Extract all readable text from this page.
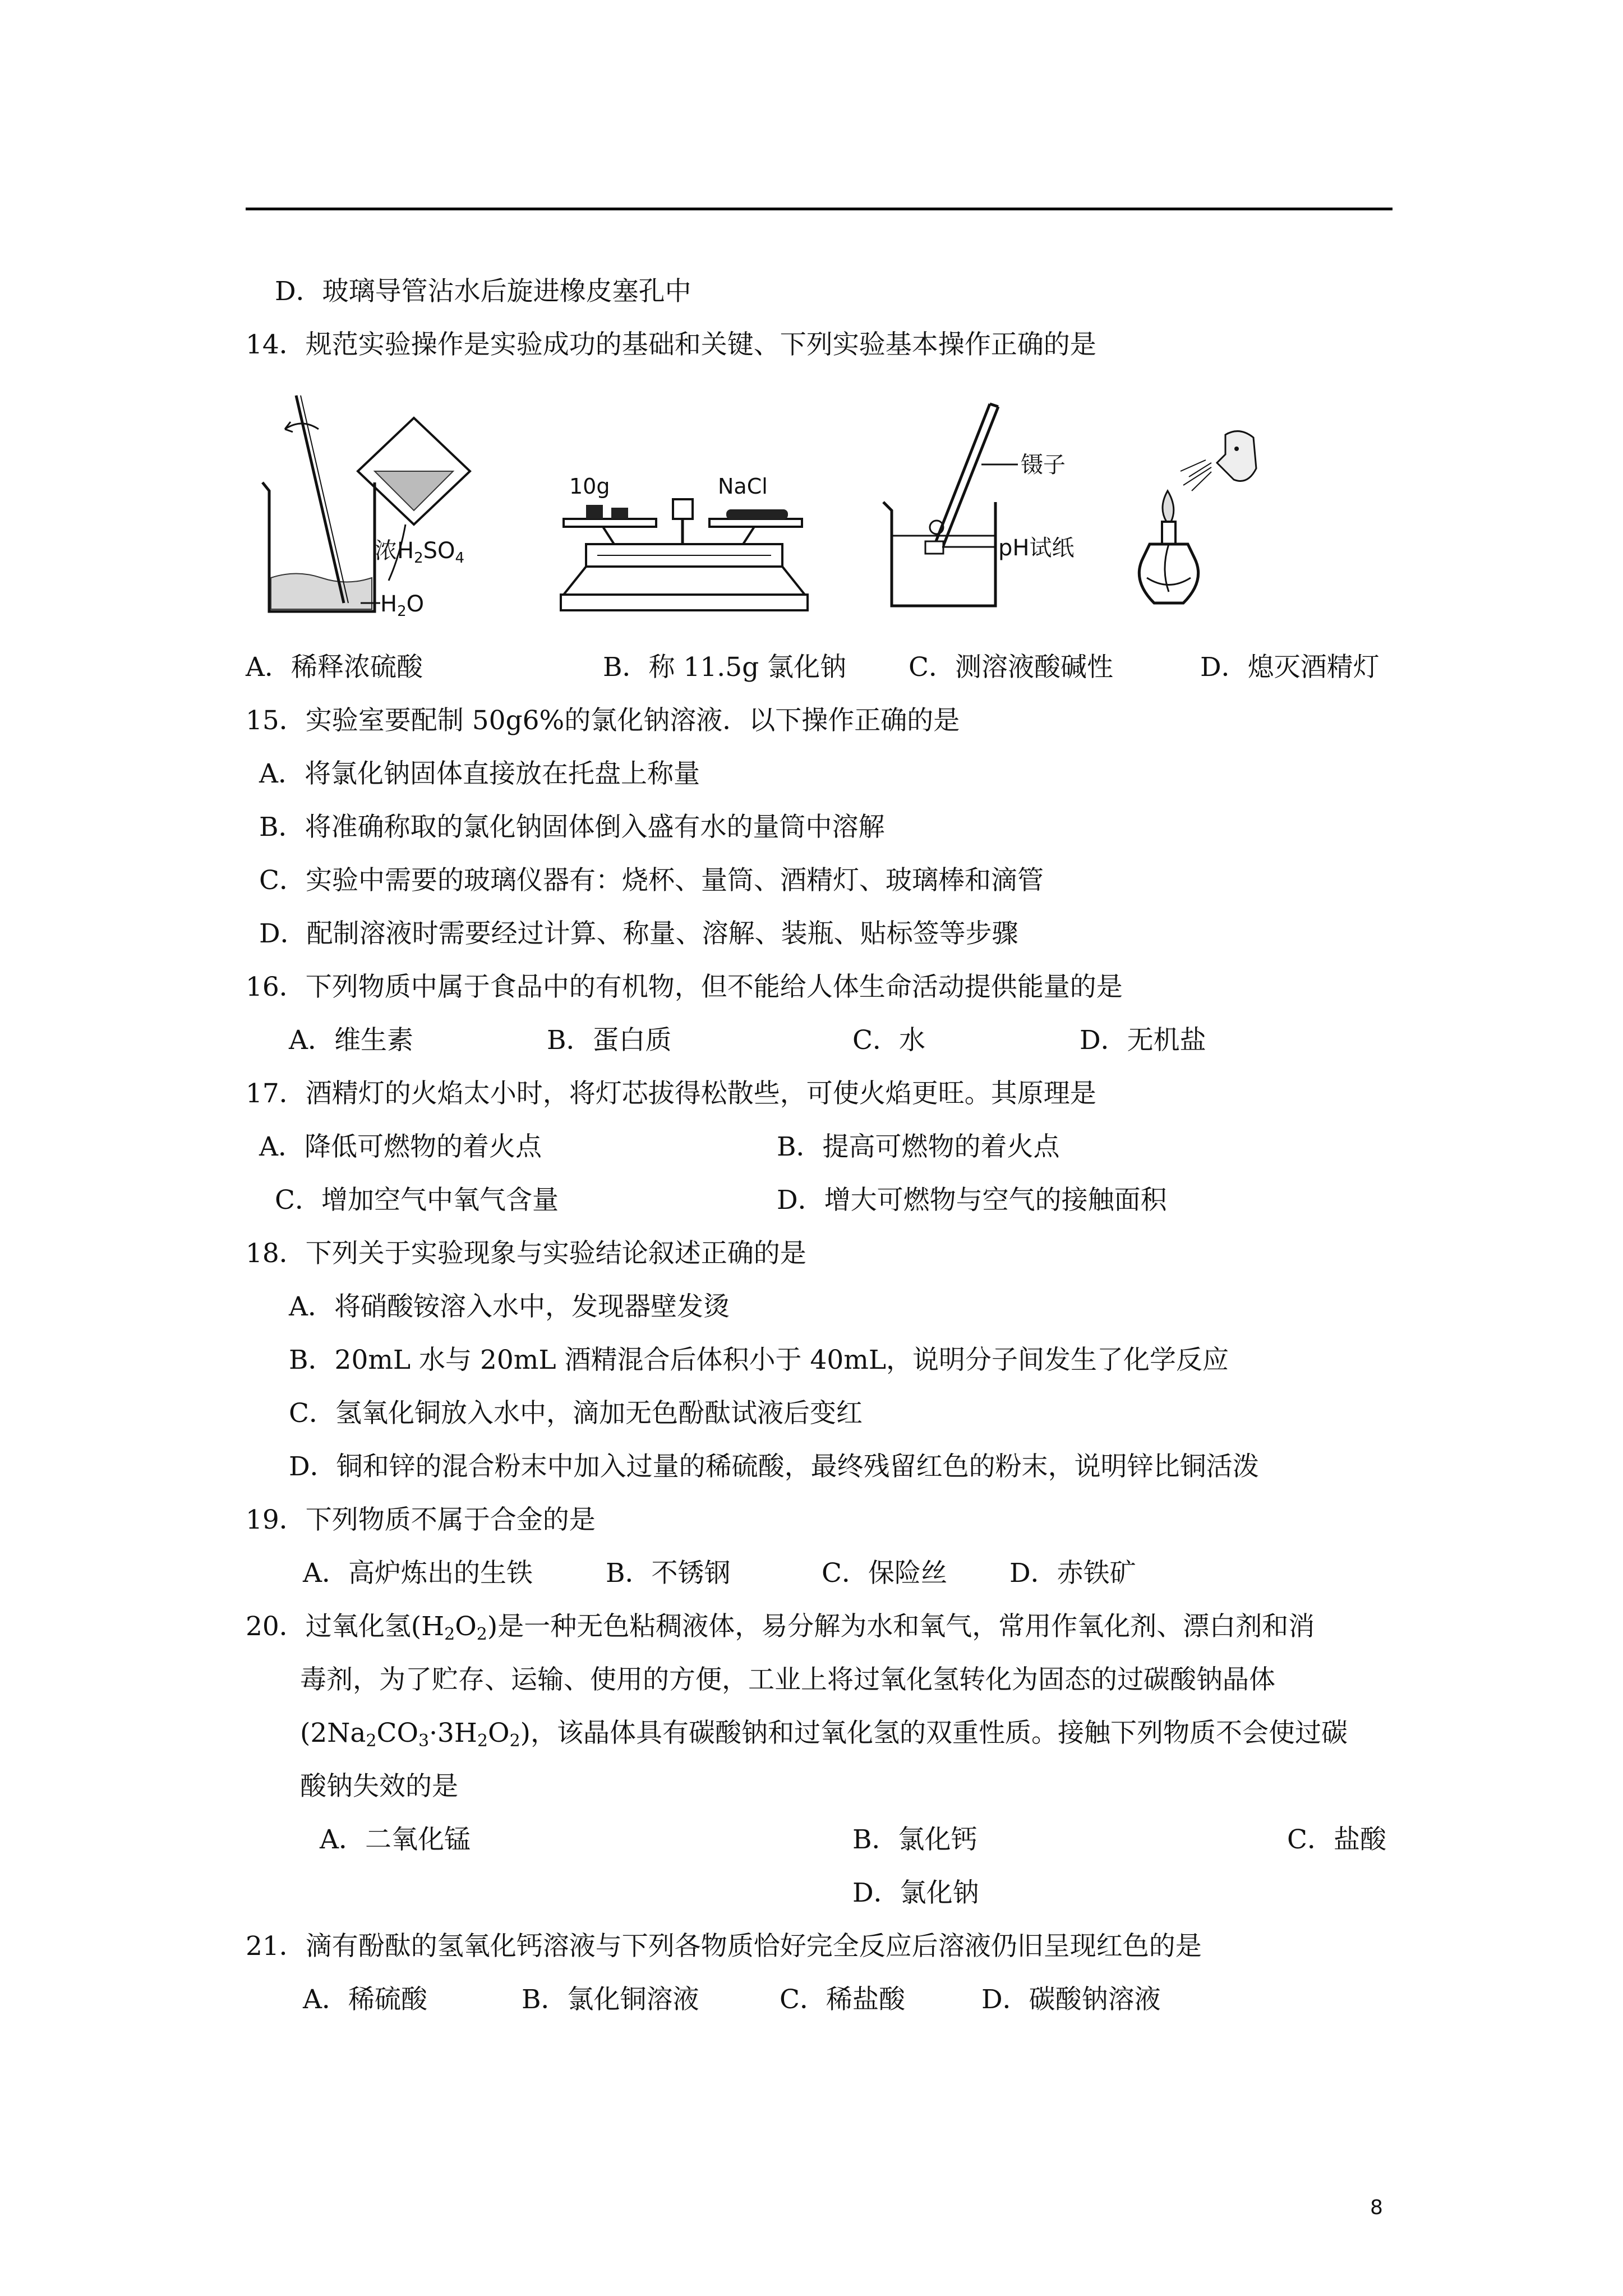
D．玻璃导管沾水后旋进橡皮塞孔中
14．规范实验操作是实验成功的基础和关键、下列实验基本操作正确的是
浓$H_2SO_4$
$H_2O$
10g	NaCl
镊子
pH试纸
A．稀释浓硫酸	B．称 11.5g 氯化钠 C．测溶液酸碱性	D．熄灭酒精灯
15．实验室要配制 50g6%的氯化钠溶液．以下操作正确的是
A．将氯化钠固体直接放在托盘上称量
B．将准确称取的氯化钠固体倒入盛有水的量筒中溶解
C．实验中需要的玻璃仪器有：烧杯、量筒、酒精灯、玻璃棒和滴管
D．配制溶液时需要经过计算、称量、溶解、装瓶、贴标签等步骤
16．下列物质中属于食品中的有机物，但不能给人体生命活动提供能量的是
A．维生素	B．蛋白质	C．水	D．无机盐
17．酒精灯的火焰太小时，将灯芯拔得松散些，可使火焰更旺。其原理是
A．降低可燃物的着火点	B．提高可燃物的着火点
C．增加空气中氧气含量	D．增大可燃物与空气的接触面积
18．下列关于实验现象与实验结论叙述正确的是
A．将硝酸铵溶入水中，发现器壁发烫
B．20mL 水与 20mL 酒精混合后体积小于 40mL，说明分子间发生了化学反应
C．氢氧化铜放入水中，滴加无色酚酞试液后变红
D．铜和锌的混合粉末中加入过量的稀硫酸，最终残留红色的粉末，说明锌比铜活泼
19．下列物质不属于合金的是
A．高炉炼出的生铁	B．不锈钢	C．保险丝 D．赤铁矿
20．过氧化氢$(H_2O_2)$是一种无色粘稠液体，易分解为水和氧气，常用作氧化剂、漂白剂和消
毒剂，为了贮存、运输、使用的方便，工业上将过氧化氢转化为固态的过碳酸钠晶体
$(2Na_2CO_3\cdot 3H_2O_2)$，该晶体具有碳酸钠和过氧化氢的双重性质。接触下列物质不会使过碳
酸钠失效的是
A．二氧化锰	B．氯化钙	C．盐酸
D．氯化钠
21．滴有酚酞的氢氧化钙溶液与下列各物质恰好完全反应后溶液仍旧呈现红色的是
A．稀硫酸	B．氯化铜溶液	C．稀盐酸	D．碳酸钠溶液
8
